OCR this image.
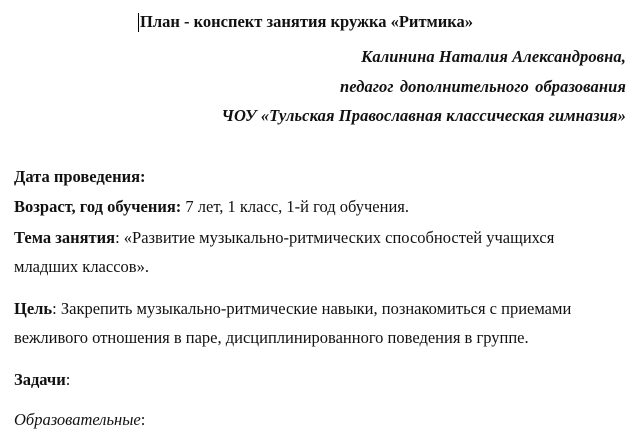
План - конспект занятия кружка «Ритмика»
Калинина Наталия Александровна,
педагог дополнительного образования
ЧОУ «Тульская Православная классическая гимназия»
Дата проведения:
Возраст, год обучения: 7 лет, 1 класс, 1-й год обучения.
Тема занятия: «Развитие музыкально-ритмических способностей учащихся
младших классов».
Цель: Закрепить музыкально-ритмические навыки, познакомиться с приемами
вежливого отношения в паре, дисциплинированного поведения в группе.
Задачи:
Образовательные:
